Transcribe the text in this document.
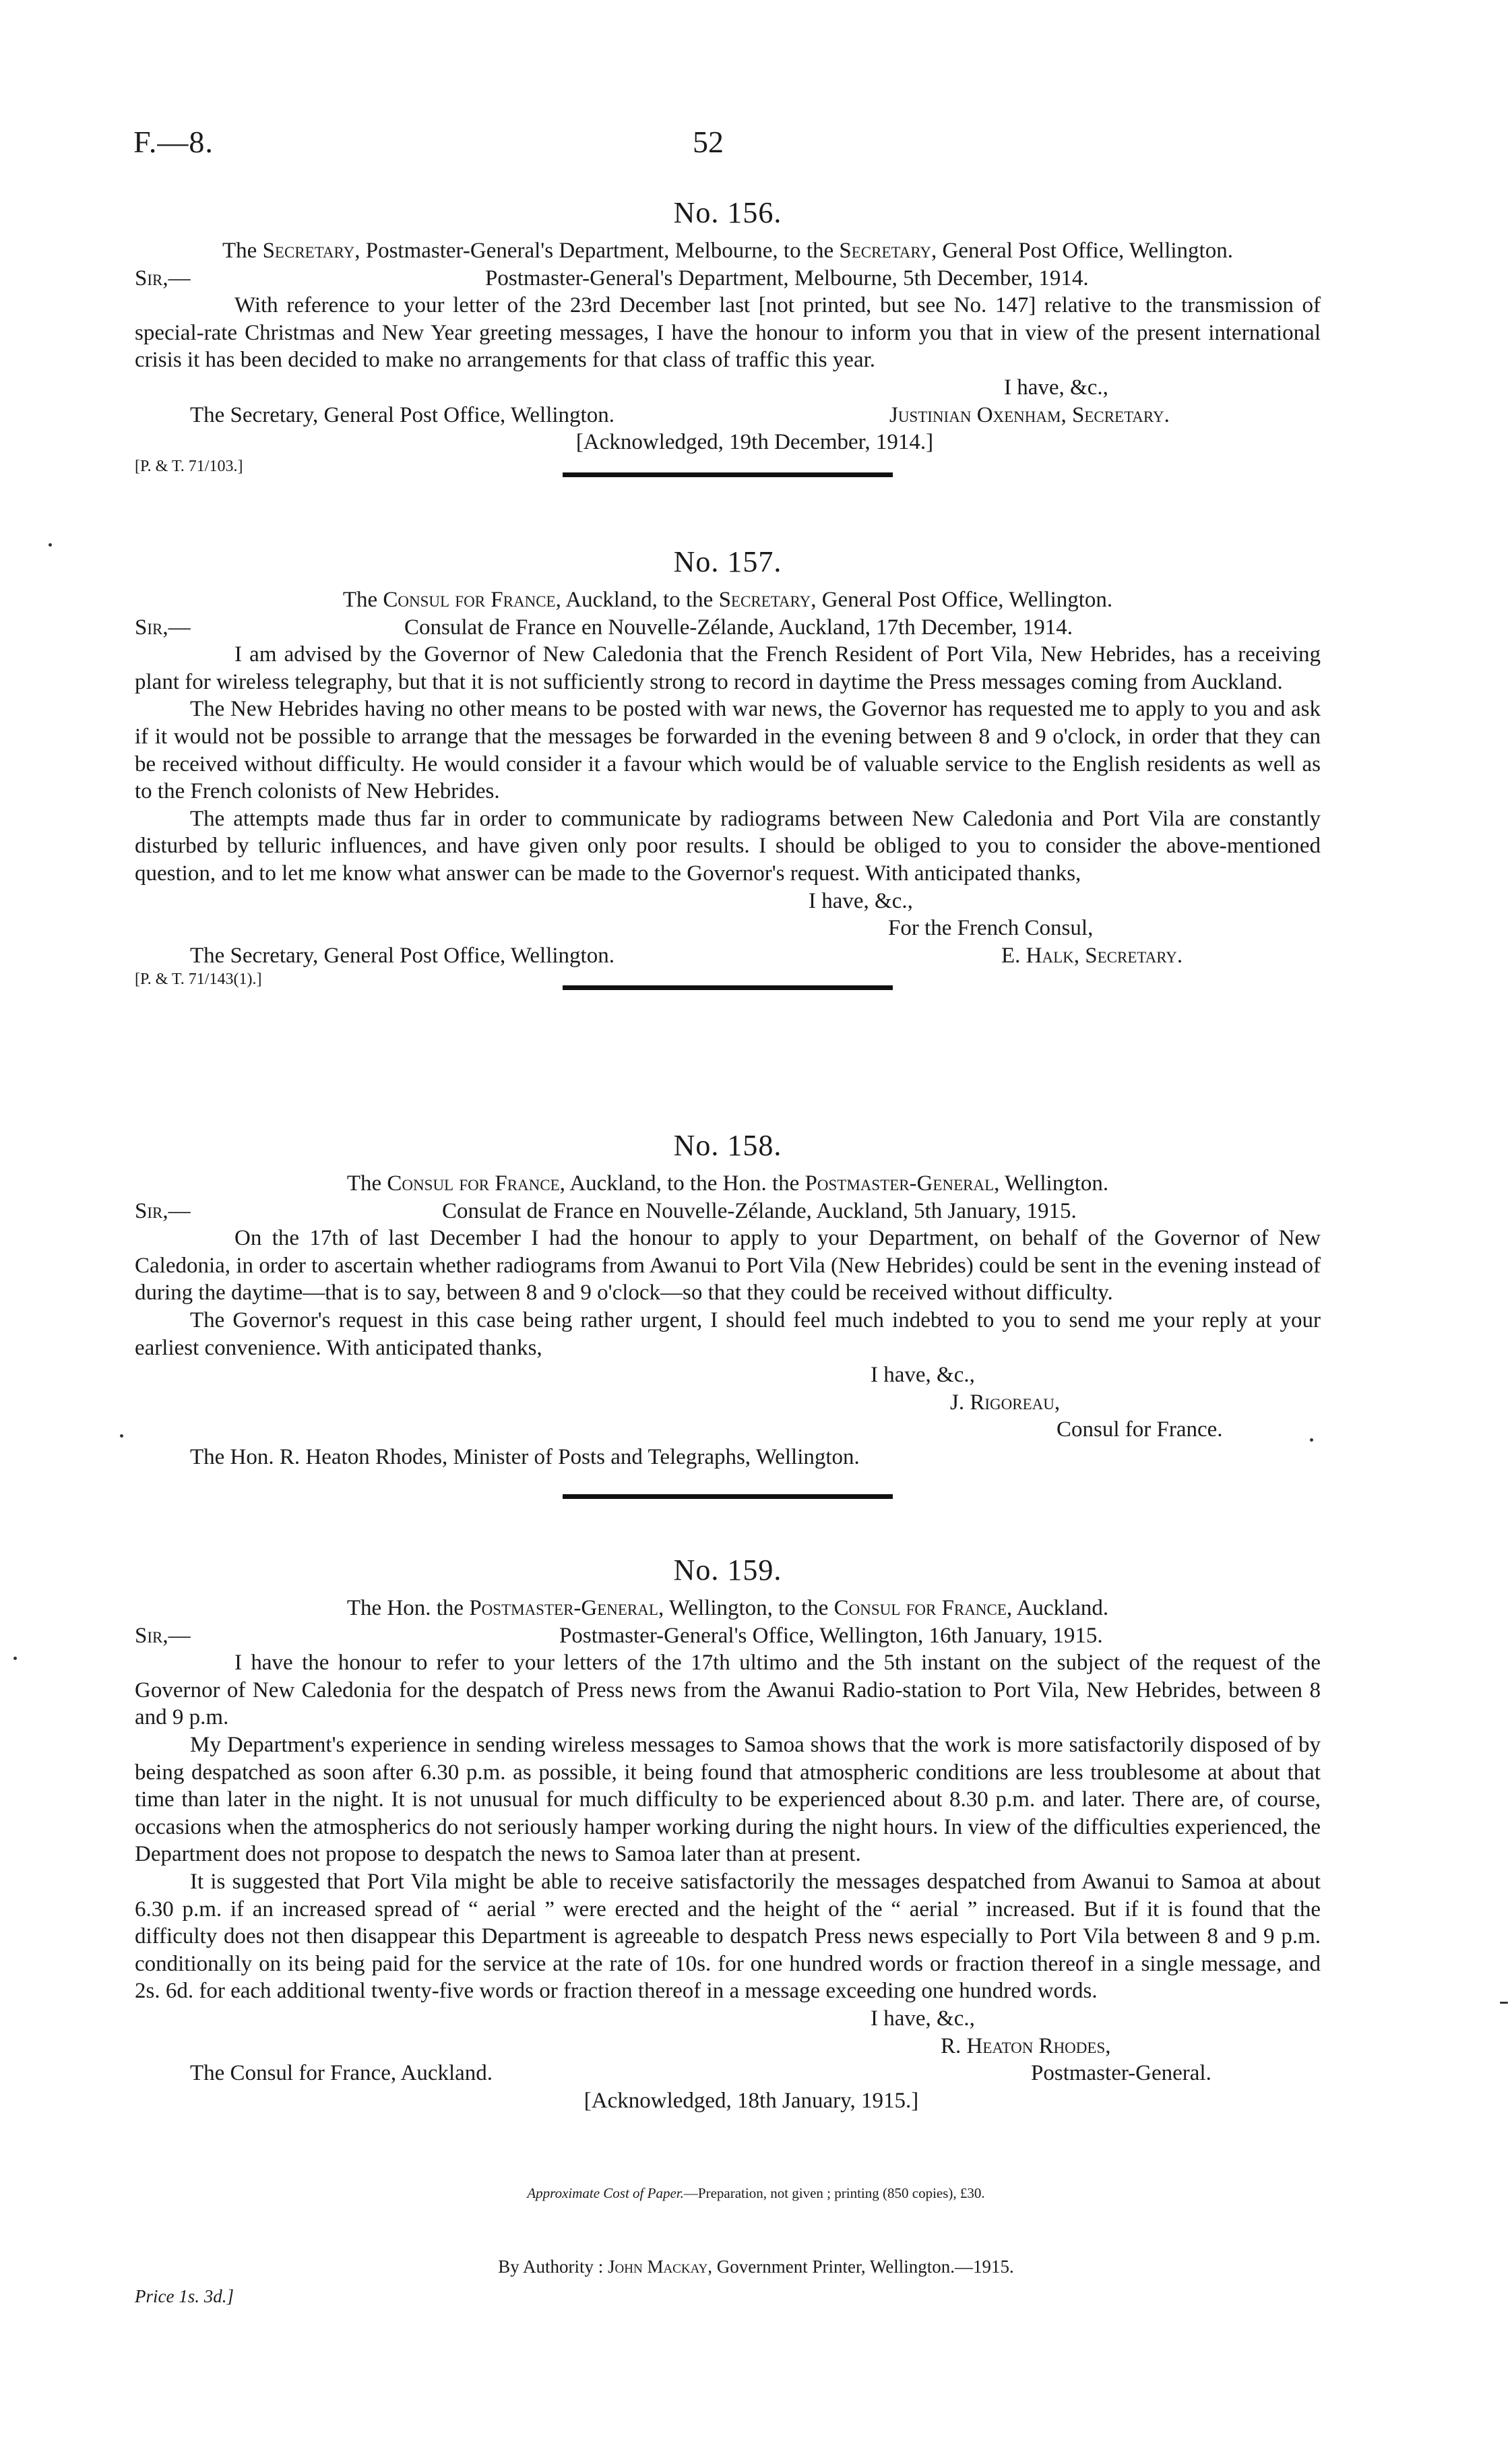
F.—8.	52
No. 156.
The Secretary, Postmaster-General's Department, Melbourne, to the Secretary, General Post Office, Wellington.
Sir,—	Postmaster-General's Department, Melbourne, 5th December, 1914.

With reference to your letter of the 23rd December last [not printed, but see No. 147] relative to the transmission of special-rate Christmas and New Year greeting messages, I have the honour to inform you that in view of the present international crisis it has been decided to make no arrangements for that class of traffic this year.

I have, &c.,
The Secretary, General Post Office, Wellington.	Justinian Oxenham, Secretary.
[Acknowledged, 19th December, 1914.]
[P. & T. 71/103.]
No. 157.
The Consul for France, Auckland, to the Secretary, General Post Office, Wellington.
Sir,—	Consulat de France en Nouvelle-Zélande, Auckland, 17th December, 1914.

I am advised by the Governor of New Caledonia that the French Resident of Port Vila, New Hebrides, has a receiving plant for wireless telegraphy, but that it is not sufficiently strong to record in daytime the Press messages coming from Auckland.

The New Hebrides having no other means to be posted with war news, the Governor has requested me to apply to you and ask if it would not be possible to arrange that the messages be forwarded in the evening between 8 and 9 o'clock, in order that they can be received without difficulty. He would consider it a favour which would be of valuable service to the English residents as well as to the French colonists of New Hebrides.

The attempts made thus far in order to communicate by radiograms between New Caledonia and Port Vila are constantly disturbed by telluric influences, and have given only poor results. I should be obliged to you to consider the above-mentioned question, and to let me know what answer can be made to the Governor's request. With anticipated thanks,

I have, &c.,
For the French Consul,
The Secretary, General Post Office, Wellington.	E. Halk, Secretary.
[P. & T. 71/143(1).]
No. 158.
The Consul for France, Auckland, to the Hon. the Postmaster-General, Wellington.
Sir,—	Consulat de France en Nouvelle-Zélande, Auckland, 5th January, 1915.

On the 17th of last December I had the honour to apply to your Department, on behalf of the Governor of New Caledonia, in order to ascertain whether radiograms from Awanui to Port Vila (New Hebrides) could be sent in the evening instead of during the daytime—that is to say, between 8 and 9 o'clock—so that they could be received without difficulty.

The Governor's request in this case being rather urgent, I should feel much indebted to you to send me your reply at your earliest convenience. With anticipated thanks,

I have, &c.,
J. Rigoreau,
Consul for France.
The Hon. R. Heaton Rhodes, Minister of Posts and Telegraphs, Wellington.
No. 159.
The Hon. the Postmaster-General, Wellington, to the Consul for France, Auckland.
Sir,—	Postmaster-General's Office, Wellington, 16th January, 1915.

I have the honour to refer to your letters of the 17th ultimo and the 5th instant on the subject of the request of the Governor of New Caledonia for the despatch of Press news from the Awanui Radio-station to Port Vila, New Hebrides, between 8 and 9 p.m.

My Department's experience in sending wireless messages to Samoa shows that the work is more satisfactorily disposed of by being despatched as soon after 6.30 p.m. as possible, it being found that atmospheric conditions are less troublesome at about that time than later in the night. It is not unusual for much difficulty to be experienced about 8.30 p.m. and later. There are, of course, occasions when the atmospherics do not seriously hamper working during the night hours. In view of the difficulties experienced, the Department does not propose to despatch the news to Samoa later than at present.

It is suggested that Port Vila might be able to receive satisfactorily the messages despatched from Awanui to Samoa at about 6.30 p.m. if an increased spread of “ aerial ” were erected and the height of the “ aerial ” increased. But if it is found that the difficulty does not then disappear this Department is agreeable to despatch Press news especially to Port Vila between 8 and 9 p.m. conditionally on its being paid for the service at the rate of 10s. for one hundred words or fraction thereof in a single message, and 2s. 6d. for each additional twenty-five words or fraction thereof in a message exceeding one hundred words.

I have, &c.,
R. Heaton Rhodes,
The Consul for France, Auckland.	Postmaster-General.
[Acknowledged, 18th January, 1915.]
Approximate Cost of Paper.—Preparation, not given ; printing (850 copies), £30.
By Authority : John Mackay, Government Printer, Wellington.—1915.
Price 1s. 3d.]
